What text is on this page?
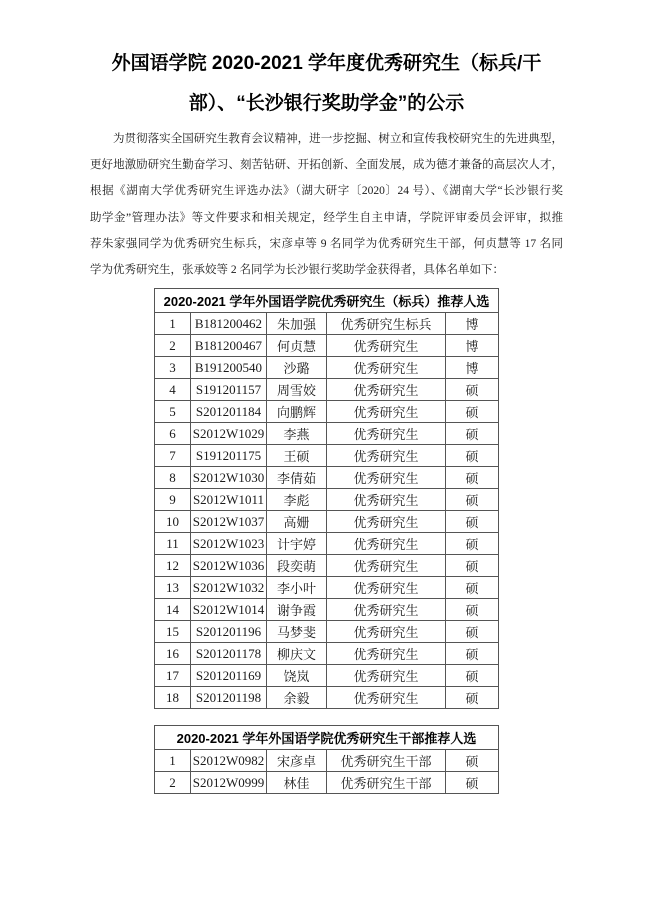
外国语学院 2020-2021 学年度优秀研究生（标兵/干
部）、“长沙银行奖助学金”的公示
为贯彻落实全国研究生教育会议精神，进一步挖掘、树立和宣传我校研究生的先进典型，
更好地激励研究生勤奋学习、刻苦钻研、开拓创新、全面发展，成为德才兼备的高层次人才，
根据《湖南大学优秀研究生评选办法》（湖大研字〔2020〕24 号）、《湖南大学“长沙银行奖
助学金”管理办法》等文件要求和相关规定，经学生自主申请，学院评审委员会评审，拟推
荐朱家强同学为优秀研究生标兵，宋彦卓等 9 名同学为优秀研究生干部，何贞慧等 17 名同
学为优秀研究生，张承姣等 2 名同学为长沙银行奖助学金获得者，具体名单如下：
2020-2021 学年外国语学院优秀研究生（标兵）推荐人选				
1	B181200462	朱加强	优秀研究生标兵	博
2	B181200467	何贞慧	优秀研究生	博
3	B191200540	沙璐	优秀研究生	博
4	S191201157	周雪姣	优秀研究生	硕
5	S201201184	向鹏辉	优秀研究生	硕
6	S2012W1029	李燕	优秀研究生	硕
7	S191201175	王硕	优秀研究生	硕
8	S2012W1030	李倩茹	优秀研究生	硕
9	S2012W1011	李彪	优秀研究生	硕
10	S2012W1037	高姗	优秀研究生	硕
11	S2012W1023	计宇婷	优秀研究生	硕
12	S2012W1036	段奕萌	优秀研究生	硕
13	S2012W1032	李小叶	优秀研究生	硕
14	S2012W1014	谢争霞	优秀研究生	硕
15	S201201196	马梦斐	优秀研究生	硕
16	S201201178	柳庆文	优秀研究生	硕
17	S201201169	饶岚	优秀研究生	硕
18	S201201198	余毅	优秀研究生	硕
2020-2021 学年外国语学院优秀研究生干部推荐人选				
1	S2012W0982	宋彦卓	优秀研究生干部	硕
2	S2012W0999	林佳	优秀研究生干部	硕
